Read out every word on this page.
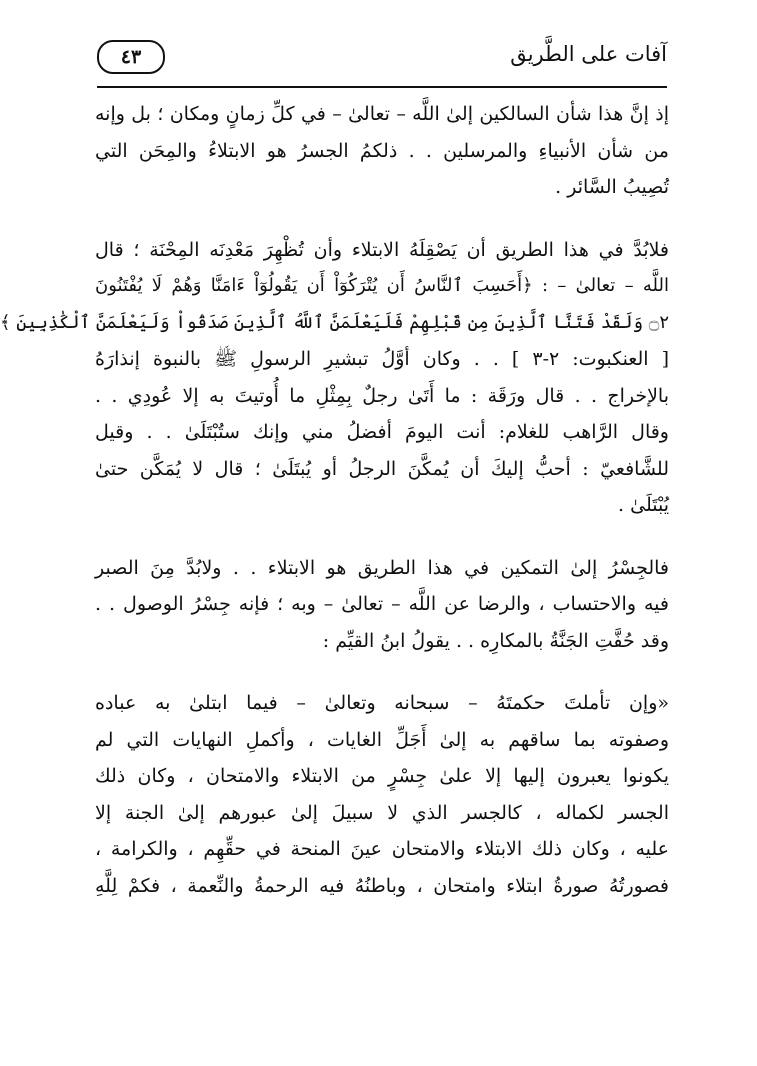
آفات على الطَّريق
٤٣
إذ إنَّ هذا شأن السالكين إلىٰ اللَّه – تعالىٰ – في كلِّ زمانٍ ومكان ؛ بل وإنه
من شأن الأنبياءِ والمرسلين . . ذلكمُ الجسرُ هو الابتلاءُ والمِحَن التي
تُصِيبُ السَّائر .
فلابُدَّ في هذا الطريق أن يَصْقِلَهُ الابتلاء وأن تُظْهِرَ مَعْدِنَه المِحْنَة ؛ قال
اللَّه – تعالىٰ – : ﴿أَحَسِبَ ٱلنَّاسُ أَن يُتْرَكُوٓاْ أَن يَقُولُوٓاْ ءَامَنَّا وَهُمْ لَا يُفْتَنُونَ
۝٢ وَلَقَدْ فَتَنَّا ٱلَّذِينَ مِن قَبْلِهِمْ فَلَيَعْلَمَنَّ ٱللَّهُ ٱلَّذِينَ صَدَقُواْ وَلَيَعْلَمَنَّ ٱلْكَٰذِبِينَ ﴾
[ العنكبوت: ٢-٣ ] . . وكان أوَّلُ تبشيرِ الرسولِ ﷺ بالنبوة إنذارَهُ
بالإخراج . . قال ورَقَة : ما أَتَىٰ رجلٌ بِمِثْلِ ما أُوتيتَ به إلا عُودِي . .
وقال الرَّاهب للغلام: أنت اليومَ أفضلُ مني وإنك ستُبْتَلَىٰ . . وقيل
للشَّافعيّ : أحبُّ إليكَ أن يُمكَّنَ الرجلُ أو يُبتَلَىٰ ؛ قال لا يُمَكَّن حتىٰ
يُبْتَلَىٰ .
فالجِسْرُ إلىٰ التمكين في هذا الطريق هو الابتلاء . . ولابُدَّ مِنَ الصبر
فيه والاحتساب ، والرضا عن اللَّه – تعالىٰ – وبه ؛ فإنه جِسْرُ الوصول . .
وقد حُفَّتِ الجَنَّةُ بالمكارِه . . يقولُ ابنُ القيِّم :
«وإن تأملتَ حكمتَهُ – سبحانه وتعالىٰ – فيما ابتلىٰ به عباده
وصفوته بما ساقهم به إلىٰ أَجَلِّ الغايات ، وأكملِ النهايات التي لم
يكونوا يعبرون إليها إلا علىٰ جِسْرٍ من الابتلاء والامتحان ، وكان ذلك
الجسر لكماله ، كالجسر الذي لا سبيلَ إلىٰ عبورهم إلىٰ الجنة إلا
عليه ، وكان ذلك الابتلاء والامتحان عينَ المنحة في حقِّهِم ، والكرامة ،
فصورتُهُ صورةُ ابتلاء وامتحان ، وباطنُهُ فيه الرحمةُ والنِّعمة ، فكمْ لِلَّهِ
